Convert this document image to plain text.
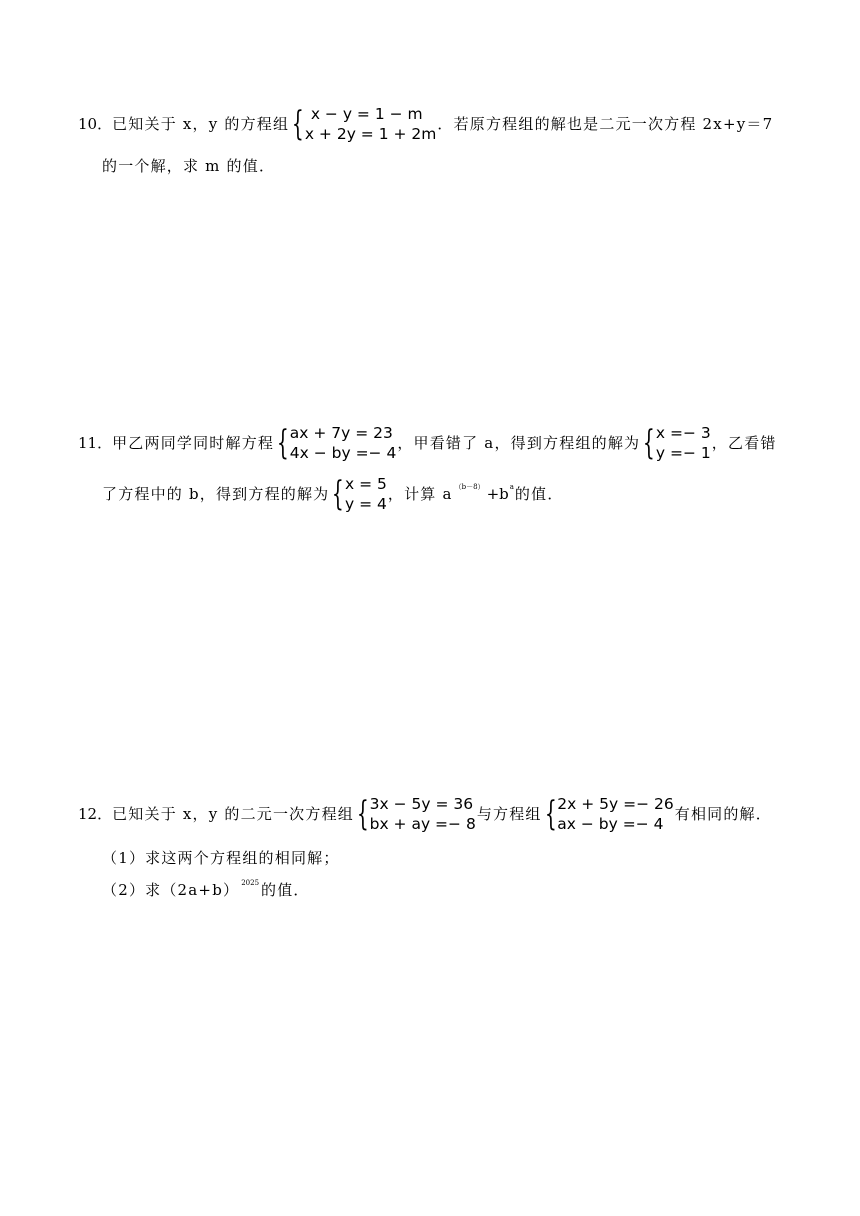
10． 已知关于 x，y 的方程组 { x − y = 1 − m
x + 2y = 1 + 2m
．若原方程组的解也是二元一次方程 2x+y＝7
的一个解，求 m 的值．
11． 甲乙两同学同时解方程 { ax + 7y = 23
4x − by =− 4
，甲看错了 a，得到方程组的解为 { x =− 3
y =− 1
，乙看错
了方程中的 b，得到方程的解为 { x = 5
y = 4
，计算 a （b－8） +b a 的值．
12． 已知关于 x，y 的二元一次方程组 { 3x − 5y = 36
bx + ay =− 8
与方程组 { 2x + 5y =− 26
ax − by =− 4
有相同的解．
（1）求这两个方程组的相同解；
（2）求（2a+b） 2025 的值．
